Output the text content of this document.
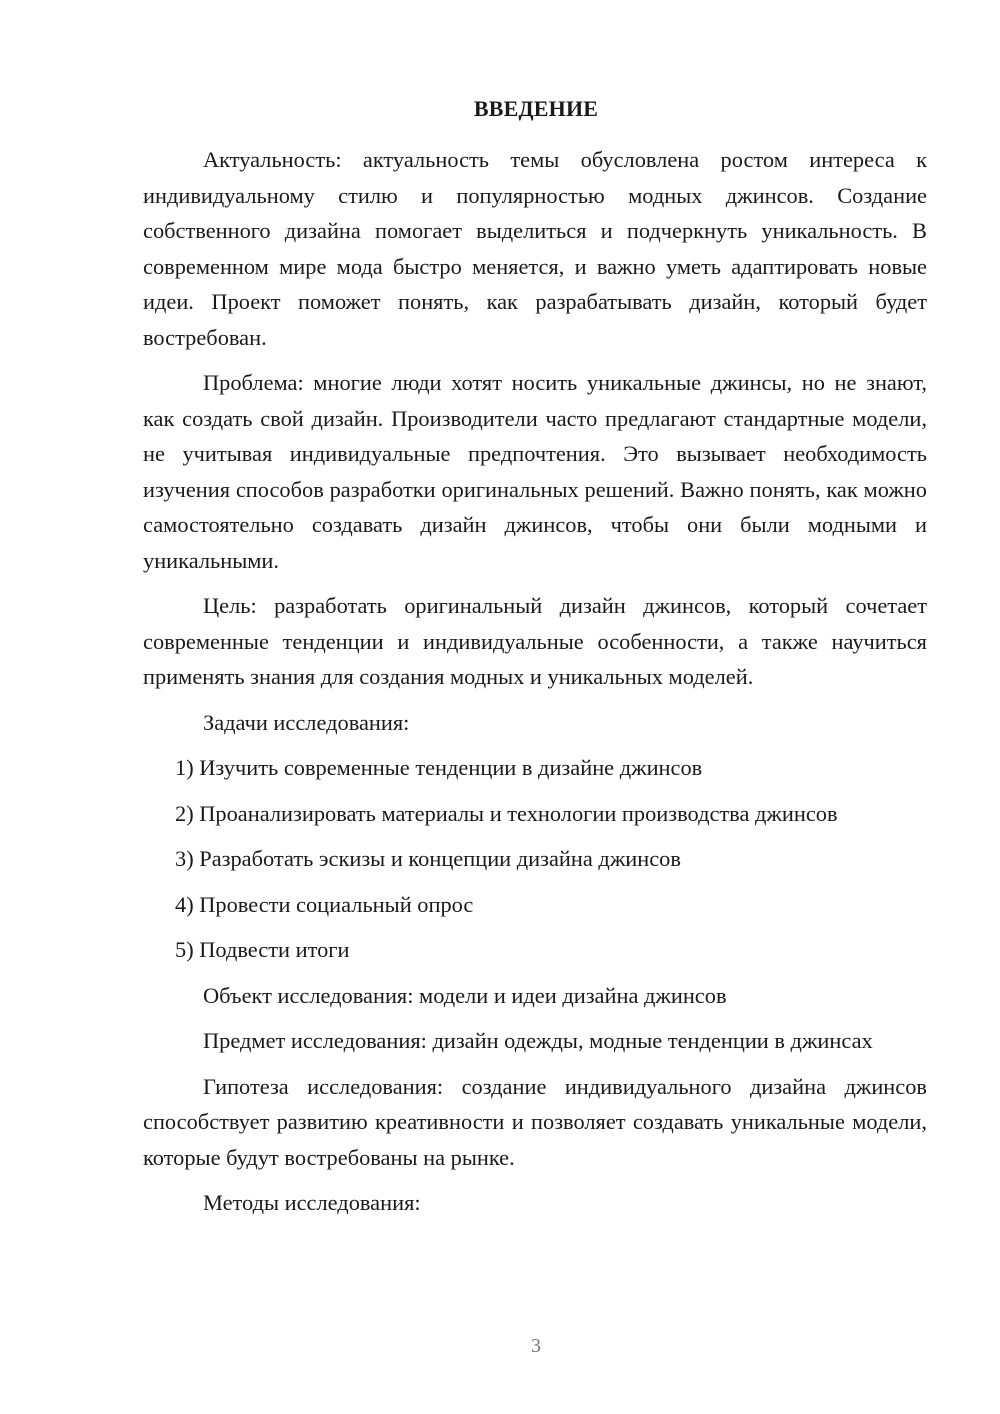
ВВЕДЕНИЕ

Актуальность: актуальность темы обусловлена ростом интереса к индивидуальному стилю и популярностью модных джинсов. Создание собственного дизайна помогает выделиться и подчеркнуть уникальность. В современном мире мода быстро меняется, и важно уметь адаптировать новые идеи. Проект поможет понять, как разрабатывать дизайн, который будет востребован.

Проблема: многие люди хотят носить уникальные джинсы, но не знают, как создать свой дизайн. Производители часто предлагают стандартные модели, не учитывая индивидуальные предпочтения. Это вызывает необходимость изучения способов разработки оригинальных решений. Важно понять, как можно самостоятельно создавать дизайн джинсов, чтобы они были модными и уникальными.

Цель: разработать оригинальный дизайн джинсов, который сочетает современные тенденции и индивидуальные особенности, а также научиться применять знания для создания модных и уникальных моделей.

Задачи исследования:

1) Изучить современные тенденции в дизайне джинсов

2) Проанализировать материалы и технологии производства джинсов

3) Разработать эскизы и концепции дизайна джинсов

4) Провести социальный опрос

5) Подвести итоги

Объект исследования: модели и идеи дизайна джинсов

Предмет исследования: дизайн одежды, модные тенденции в джинсах

Гипотеза исследования: создание индивидуального дизайна джинсов способствует развитию креативности и позволяет создавать уникальные модели, которые будут востребованы на рынке.

Методы исследования:

3
